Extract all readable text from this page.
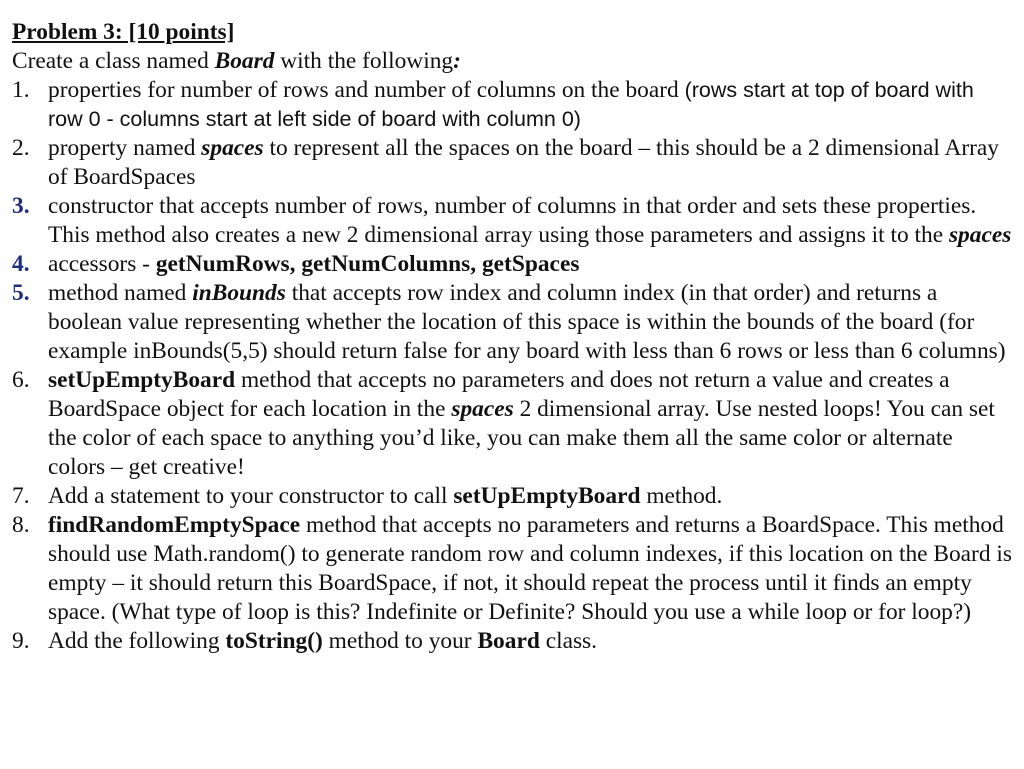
Problem 3: [10 points]
Create a class named Board with the following:
1. properties for number of rows and number of columns on the board (rows start at top of board with row 0 - columns start at left side of board with column 0)
2. property named spaces to represent all the spaces on the board – this should be a 2 dimensional Array of BoardSpaces
3. constructor that accepts number of rows, number of columns in that order and sets these properties. This method also creates a new 2 dimensional array using those parameters and assigns it to the spaces
4. accessors - getNumRows, getNumColumns, getSpaces
5. method named inBounds that accepts row index and column index (in that order) and returns a boolean value representing whether the location of this space is within the bounds of the board (for example inBounds(5,5) should return false for any board with less than 6 rows or less than 6 columns)
6. setUpEmptyBoard method that accepts no parameters and does not return a value and creates a BoardSpace object for each location in the spaces 2 dimensional array. Use nested loops! You can set the color of each space to anything you’d like, you can make them all the same color or alternate colors – get creative!
7. Add a statement to your constructor to call setUpEmptyBoard method.
8. findRandomEmptySpace method that accepts no parameters and returns a BoardSpace. This method should use Math.random() to generate random row and column indexes, if this location on the Board is empty – it should return this BoardSpace, if not, it should repeat the process until it finds an empty space. (What type of loop is this? Indefinite or Definite? Should you use a while loop or for loop?)
9. Add the following toString() method to your Board class.
